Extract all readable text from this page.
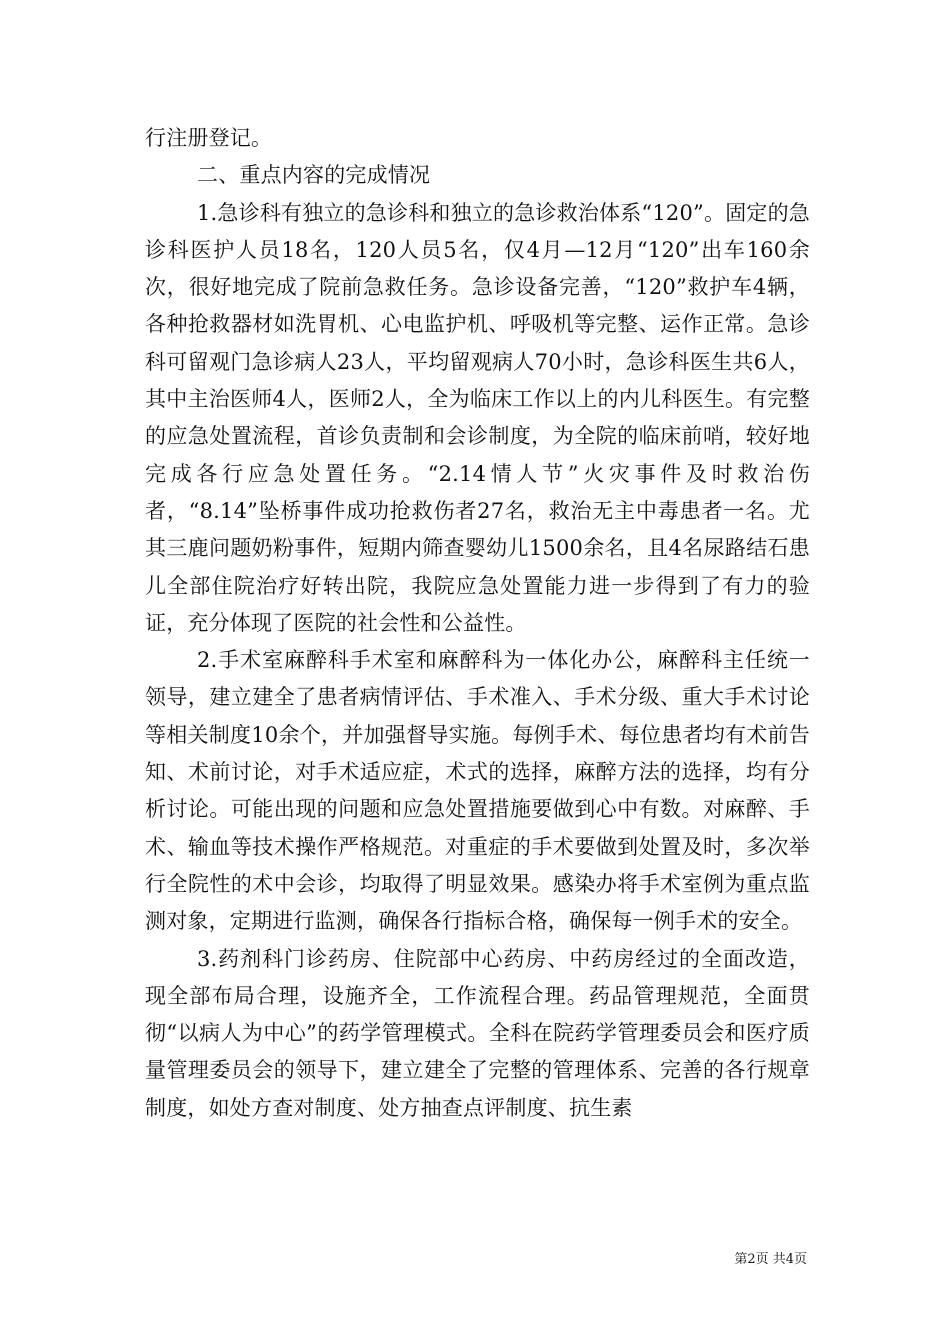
行注册登记。

二、重点内容的完成情况

1.急诊科有独立的急诊科和独立的急诊救治体系“120”。固定的急诊科医护人员18名，120人员5名，仅4月—12月“120”出车160余次，很好地完成了院前急救任务。急诊设备完善，“120”救护车4辆，各种抢救器材如洗胃机、心电监护机、呼吸机等完整、运作正常。急诊科可留观门急诊病人23人，平均留观病人70小时，急诊科医生共6人，其中主治医师4人，医师2人，全为临床工作以上的内儿科医生。有完整的应急处置流程，首诊负责制和会诊制度，为全院的临床前哨，较好地完成各行应急处置任务。“2.14情人节”火灾事件及时救治伤者，“8.14”坠桥事件成功抢救伤者27名，救治无主中毒患者一名。尤其三鹿问题奶粉事件，短期内筛查婴幼儿1500余名，且4名尿路结石患儿全部住院治疗好转出院，我院应急处置能力进一步得到了有力的验证，充分体现了医院的社会性和公益性。

2.手术室麻醉科手术室和麻醉科为一体化办公，麻醉科主任统一领导，建立建全了患者病情评估、手术准入、手术分级、重大手术讨论等相关制度10余个，并加强督导实施。每例手术、每位患者均有术前告知、术前讨论，对手术适应症，术式的选择，麻醉方法的选择，均有分析讨论。可能出现的问题和应急处置措施要做到心中有数。对麻醉、手术、输血等技术操作严格规范。对重症的手术要做到处置及时，多次举行全院性的术中会诊，均取得了明显效果。感染办将手术室例为重点监测对象，定期进行监测，确保各行指标合格，确保每一例手术的安全。

3.药剂科门诊药房、住院部中心药房、中药房经过的全面改造，现全部布局合理，设施齐全，工作流程合理。药品管理规范，全面贯彻“以病人为中心”的药学管理模式。全科在院药学管理委员会和医疗质量管理委员会的领导下，建立建全了完整的管理体系、完善的各行规章制度，如处方查对制度、处方抽查点评制度、抗生素

第2页 共4页
